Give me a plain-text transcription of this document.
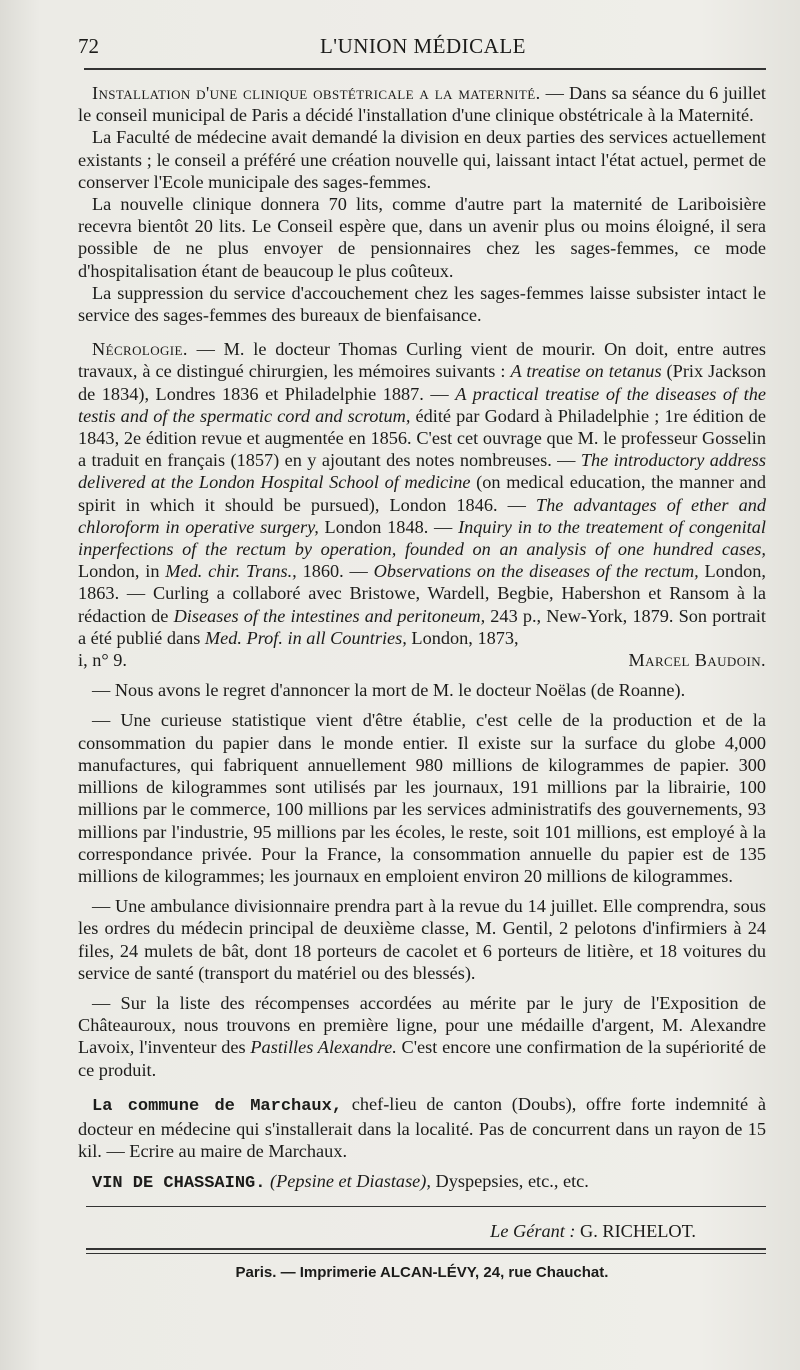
72	L'UNION MÉDICALE

Installation d'une clinique obstétricale a la maternité. — Dans sa séance du 6 juillet le conseil municipal de Paris a décidé l'installation d'une clinique obstétricale à la Maternité.

La Faculté de médecine avait demandé la division en deux parties des services actuellement existants ; le conseil a préféré une création nouvelle qui, laissant intact l'état actuel, permet de conserver l'Ecole municipale des sages-femmes.

La nouvelle clinique donnera 70 lits, comme d'autre part la maternité de Lariboisière recevra bientôt 20 lits. Le Conseil espère que, dans un avenir plus ou moins éloigné, il sera possible de ne plus envoyer de pensionnaires chez les sages-femmes, ce mode d'hospitalisation étant de beaucoup le plus coûteux.

La suppression du service d'accouchement chez les sages-femmes laisse subsister intact le service des sages-femmes des bureaux de bienfaisance.

Nécrologie. — M. le docteur Thomas Curling vient de mourir. On doit, entre autres travaux, à ce distingué chirurgien, les mémoires suivants : A treatise on tetanus (Prix Jackson de 1834), Londres 1836 et Philadelphie 1887. — A practical treatise of the diseases of the testis and of the spermatic cord and scrotum, édité par Godard à Philadelphie ; 1re édition de 1843, 2e édition revue et augmentée en 1856. C'est cet ouvrage que M. le professeur Gosselin a traduit en français (1857) en y ajoutant des notes nombreuses. — The introductory address delivered at the London Hospital School of medicine (on medical education, the manner and spirit in which it should be pursued), London 1846. — The advantages of ether and chloroform in operative surgery, London 1848. — Inquiry in to the treatement of congenital inperfections of the rectum by operation, founded on an analysis of one hundred cases, London, in Med. chir. Trans., 1860. — Observations on the diseases of the rectum, London, 1863. — Curling a collaboré avec Bristowe, Wardell, Begbie, Habershon et Ransom à la rédaction de Diseases of the intestines and peritoneum, 243 p., New-York, 1879. Son portrait a été publié dans Med. Prof. in all Countries, London, 1873,

i, n° 9.	Marcel Baudoin.

— Nous avons le regret d'annoncer la mort de M. le docteur Noëlas (de Roanne).

— Une curieuse statistique vient d'être établie, c'est celle de la production et de la consommation du papier dans le monde entier. Il existe sur la surface du globe 4,000 manufactures, qui fabriquent annuellement 980 millions de kilogrammes de papier. 300 millions de kilogrammes sont utilisés par les journaux, 191 millions par la librairie, 100 millions par le commerce, 100 millions par les services administratifs des gouvernements, 93 millions par l'industrie, 95 millions par les écoles, le reste, soit 101 millions, est employé à la correspondance privée. Pour la France, la consommation annuelle du papier est de 135 millions de kilogrammes; les journaux en emploient environ 20 millions de kilogrammes.

— Une ambulance divisionnaire prendra part à la revue du 14 juillet. Elle comprendra, sous les ordres du médecin principal de deuxième classe, M. Gentil, 2 pelotons d'infirmiers à 24 files, 24 mulets de bât, dont 18 porteurs de cacolet et 6 porteurs de litière, et 18 voitures du service de santé (transport du matériel ou des blessés).

— Sur la liste des récompenses accordées au mérite par le jury de l'Exposition de Châteauroux, nous trouvons en première ligne, pour une médaille d'argent, M. Alexandre Lavoix, l'inventeur des Pastilles Alexandre. C'est encore une confirmation de la supériorité de ce produit.

La commune de Marchaux, chef-lieu de canton (Doubs), offre forte indemnité à docteur en médecine qui s'installerait dans la localité. Pas de concurrent dans un rayon de 15 kil. — Ecrire au maire de Marchaux.

VIN DE CHASSAING. (Pepsine et Diastase), Dyspepsies, etc., etc.

Le Gérant : G. RICHELOT.
Paris. — Imprimerie ALCAN-LÉVY, 24, rue Chauchat.
